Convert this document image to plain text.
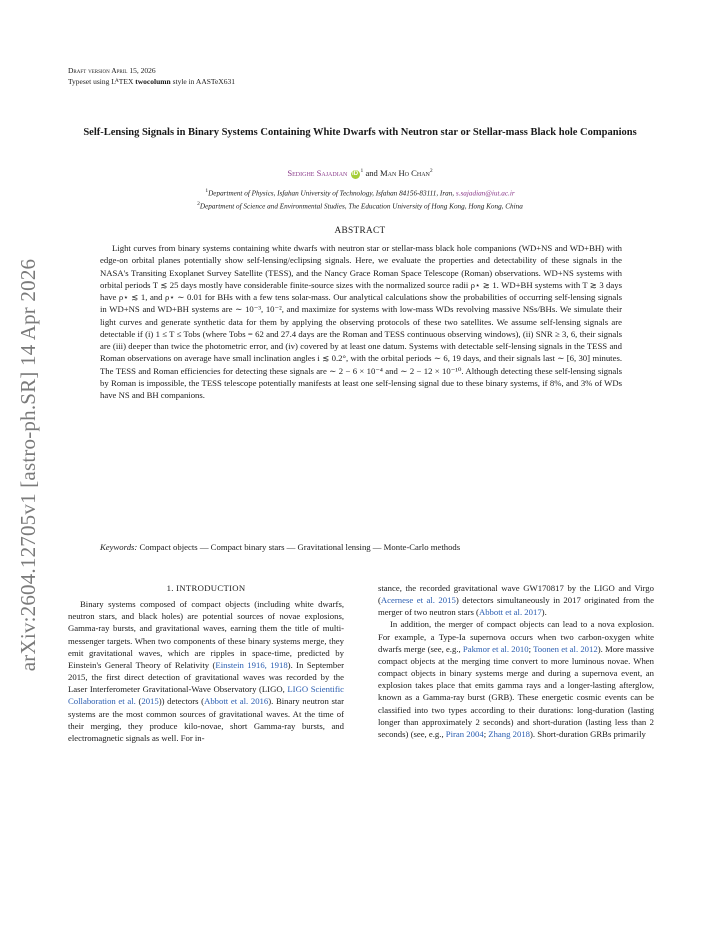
Draft version April 15, 2026
Typeset using $L^ATEX$ twocolumn style in AASTeX631
arXiv:2604.12705v1 [astro-ph.SR] 14 Apr 2026
Self-Lensing Signals in Binary Systems Containing White Dwarfs with Neutron star or Stellar-mass Black hole Companions
Sedighe Sajadian iD $^1$ and Man Ho Chan$^2$
$^1$Department of Physics, Isfahan University of Technology, Isfahan 84156-83111, Iran, s.sajadian@iut.ac.ir
$^2$Department of Science and Environmental Studies, The Education University of Hong Kong, Hong Kong, China
ABSTRACT
Light curves from binary systems containing white dwarfs with neutron star or stellar-mass black hole companions (WD+NS and WD+BH) with edge-on orbital planes potentially show self-lensing/eclipsing signals. Here, we evaluate the properties and detectability of these signals in the NASA's Transiting Exoplanet Survey Satellite (TESS), and the Nancy Grace Roman Space Telescope (Roman) observations. WD+NS systems with orbital periods T ≲ 25 days mostly have considerable finite-source sizes with the normalized source radii ρ⋆ ≳ 1. WD+BH systems with T ≳ 3 days have ρ⋆ ≲ 1, and ρ⋆ ∼ 0.01 for BHs with a few tens solar-mass. Our analytical calculations show the probabilities of occurring self-lensing signals in WD+NS and WD+BH systems are ∼ 10⁻³, 10⁻², and maximize for systems with low-mass WDs revolving massive NSs/BHs. We simulate their light curves and generate synthetic data for them by applying the observing protocols of these two satellites. We assume self-lensing signals are detectable if (i) 1 ≤ T ≤ Tobs (where Tobs = 62 and 27.4 days are the Roman and TESS continuous observing windows), (ii) SNR ≥ 3, 6, their signals are (iii) deeper than twice the photometric error, and (iv) covered by at least one datum. Systems with detectable self-lensing signals in the TESS and Roman observations on average have small inclination angles i ≲ 0.2°, with the orbital periods ∼ 6, 19 days, and their signals last ∼ [6, 30] minutes. The TESS and Roman efficiencies for detecting these signals are ∼ 2 − 6 × 10⁻⁴ and ∼ 2 − 12 × 10⁻¹⁰. Although detecting these self-lensing signals by Roman is impossible, the TESS telescope potentially manifests at least one self-lensing signal due to these binary systems, if 8%, and 3% of WDs have NS and BH companions.
Keywords: Compact objects — Compact binary stars — Gravitational lensing — Monte-Carlo methods
1. INTRODUCTION

Binary systems composed of compact objects (including white dwarfs, neutron stars, and black holes) are potential sources of novae explosions, Gamma-ray bursts, and gravitational waves, earning them the title of multi-messenger targets. When two components of these binary systems merge, they emit gravitational waves, which are ripples in space-time, predicted by Einstein's General Theory of Relativity (Einstein 1916, 1918). In September 2015, the first direct detection of gravitational waves was recorded by the Laser Interferometer Gravitational-Wave Observatory (LIGO, LIGO Scientific Collaboration et al. (2015)) detectors (Abbott et al. 2016). Binary neutron star systems are the most common sources of gravitational waves. At the time of their merging, they produce kilo-novae, short Gamma-ray bursts, and electromagnetic signals as well. For in-

stance, the recorded gravitational wave GW170817 by the LIGO and Virgo (Acernese et al. 2015) detectors simultaneously in 2017 originated from the merger of two neutron stars (Abbott et al. 2017).

In addition, the merger of compact objects can lead to a nova explosion. For example, a Type-Ia supernova occurs when two carbon-oxygen white dwarfs merge (see, e.g., Pakmor et al. 2010; Toonen et al. 2012). More massive compact objects at the merging time convert to more luminous novae. When compact objects in binary systems merge and during a supernova event, an explosion takes place that emits gamma rays and a longer-lasting afterglow, known as a Gamma-ray burst (GRB). These energetic cosmic events can be classified into two types according to their durations: long-duration (lasting longer than approximately 2 seconds) and short-duration (lasting less than 2 seconds) (see, e.g., Piran 2004; Zhang 2018). Short-duration GRBs primarily
